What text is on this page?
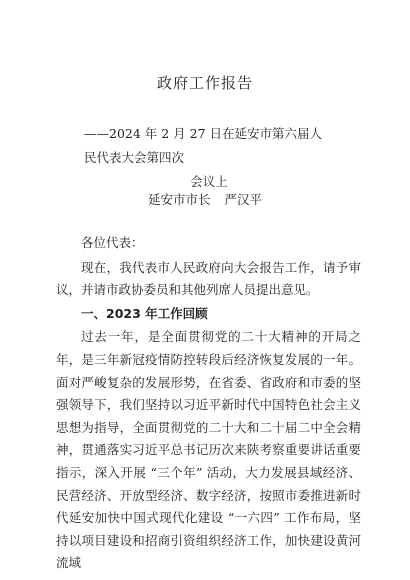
政府工作报告
——2024 年 2 月 27 日在延安市第六届人民代表大会第四次
会议上
延安市市长 严汉平

各位代表：

现在，我代表市人民政府向大会报告工作，请予审议，并请市政协委员和其他列席人员提出意见。

一、2023 年工作回顾

过去一年，是全面贯彻党的二十大精神的开局之年，是三年新冠疫情防控转段后经济恢复发展的一年。面对严峻复杂的发展形势，在省委、省政府和市委的坚强领导下，我们坚持以习近平新时代中国特色社会主义思想为指导，全面贯彻党的二十大和二十届二中全会精神，贯通落实习近平总书记历次来陕考察重要讲话重要指示，深入开展 “三个年” 活动，大力发展县域经济、民营经济、开放型经济、数字经济，按照市委推进新时代延安加快中国式现代化建设 “一六四” 工作布局，坚持以项目建设和招商引资组织经济工作，加快建设黄河流域
